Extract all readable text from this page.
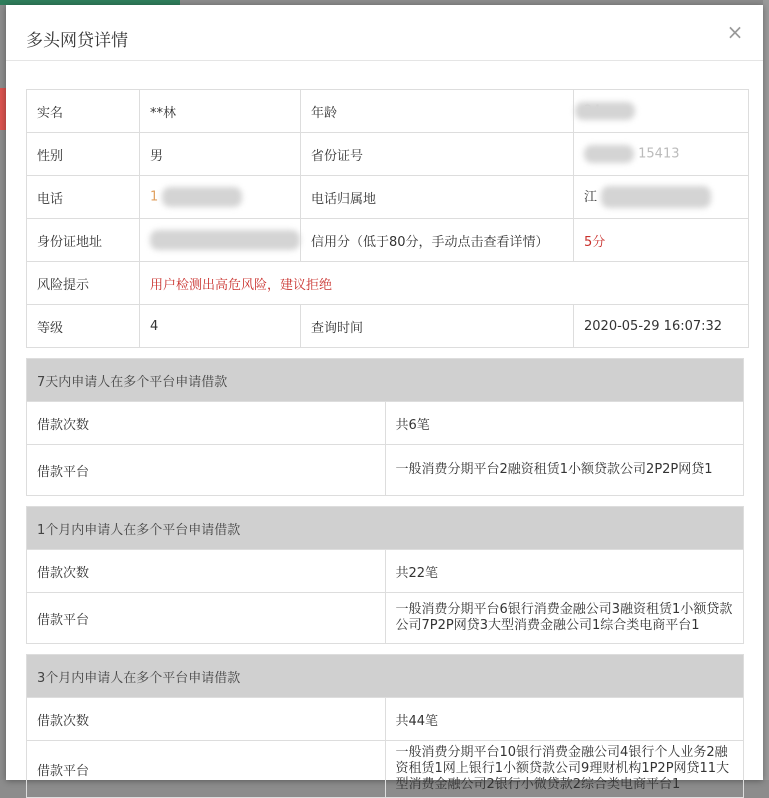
多头网贷详情	×
实名	**林	年龄	
性别	男	省份证号	15413
电话	1	电话归属地	江
身份证地址		信用分（低于80分，手动点击查看详情）	5分
风险提示	用户检测出高危风险，建议拒绝		
等级	4	查询时间	2020-05-29 16:07:32
7天内申请人在多个平台申请借款	
借款次数	共6笔
借款平台	一般消费分期平台2融资租赁1小额贷款公司2P2P网贷1
1个月内申请人在多个平台申请借款	
借款次数	共22笔
借款平台	一般消费分期平台6银行消费金融公司3融资租赁1小额贷款公司7P2P网贷3大型消费金融公司1综合类电商平台1
3个月内申请人在多个平台申请借款	
借款次数	共44笔
借款平台	一般消费分期平台10银行消费金融公司4银行个人业务2融资租赁1网上银行1小额贷款公司9理财机构1P2P网贷11大型消费金融公司2银行小微贷款2综合类电商平台1
